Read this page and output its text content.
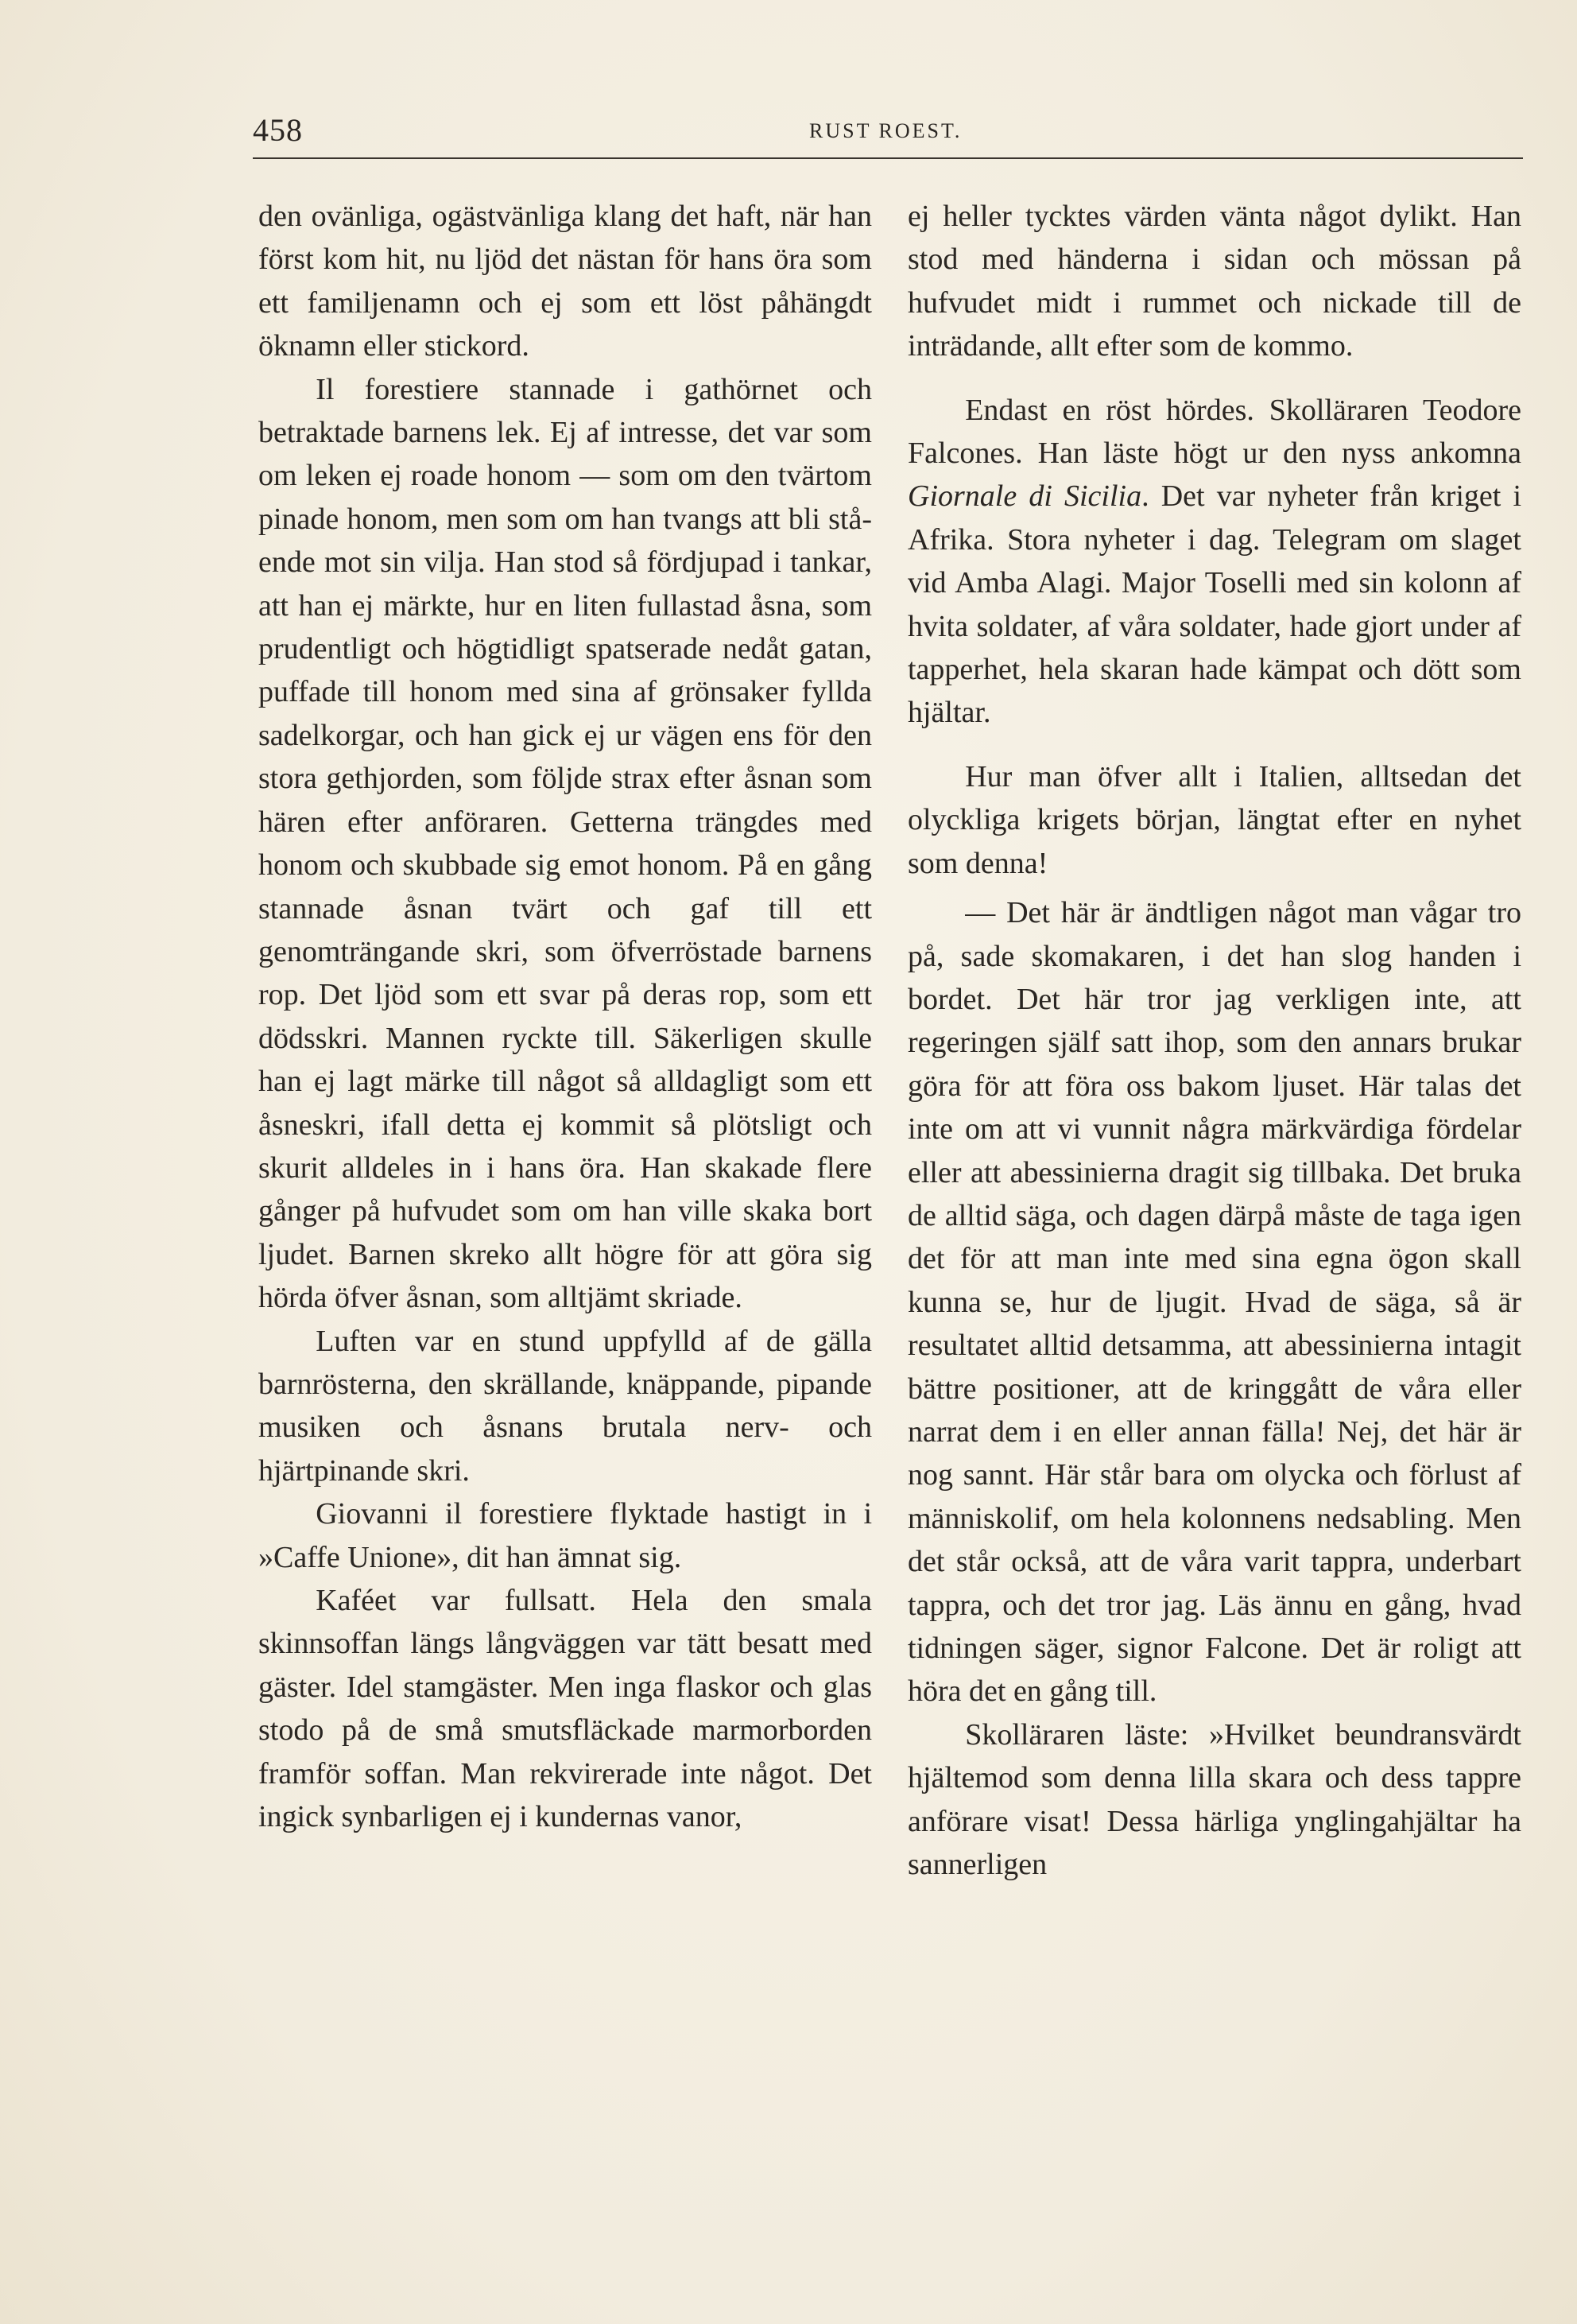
458	RUST ROEST.

den ovänliga, ogästvänliga klang det haft, när han först kom hit, nu ljöd det nästan för hans öra som ett familjenamn och ej som ett löst påhängdt öknamn eller stickord.

Il forestiere stannade i gathörnet och betraktade barnens lek. Ej af intresse, det var som om leken ej roade honom — som om den tvärtom pinade honom, men som om han tvangs att bli stående mot sin vilja. Han stod så fördjupad i tankar, att han ej märkte, hur en liten fullastad åsna, som prudentligt och högtidligt spatserade nedåt gatan, puffade till honom med sina af grönsaker fyllda sadelkorgar, och han gick ej ur vägen ens för den stora gethjorden, som följde strax efter åsnan som hären efter anföraren. Getterna trängdes med honom och skubbade sig emot honom. På en gång stannade åsnan tvärt och gaf till ett genomträngande skri, som öfverröstade barnens rop. Det ljöd som ett svar på deras rop, som ett dödsskri. Mannen ryckte till. Säkerligen skulle han ej lagt märke till något så alldagligt som ett åsneskri, ifall detta ej kommit så plötsligt och skurit alldeles in i hans öra. Han skakade flere gånger på hufvudet som om han ville skaka bort ljudet. Barnen skreko allt högre för att göra sig hörda öfver åsnan, som alltjämt skriade.

Luften var en stund uppfylld af de gälla barnrösterna, den skrällande, knäppande, pipande musiken och åsnans brutala nerv- och hjärtpinande skri.

Giovanni il forestiere flyktade hastigt in i »Caffe Unione», dit han ämnat sig.

Kaféet var fullsatt. Hela den smala skinnsoffan längs långväggen var tätt besatt med gäster. Idel stamgäster. Men inga flaskor och glas stodo på de små smutsfläckade marmorborden framför soffan. Man rekvirerade inte något. Det ingick synbarligen ej i kundernas vanor,

ej heller tycktes värden vänta något dylikt. Han stod med händerna i sidan och mössan på hufvudet midt i rummet och nickade till de inträdande, allt efter som de kommo.

Endast en röst hördes. Skolläraren Teodore Falcones. Han läste högt ur den nyss ankomna Giornale di Sicilia. Det var nyheter från kriget i Afrika. Stora nyheter i dag. Telegram om slaget vid Amba Alagi. Major Toselli med sin kolonn af hvita soldater, af våra soldater, hade gjort under af tapperhet, hela skaran hade kämpat och dött som hjältar.

Hur man öfver allt i Italien, alltsedan det olyckliga krigets början, längtat efter en nyhet som denna!

— Det här är ändtligen något man vågar tro på, sade skomakaren, i det han slog handen i bordet. Det här tror jag verkligen inte, att regeringen själf satt ihop, som den annars brukar göra för att föra oss bakom ljuset. Här talas det inte om att vi vunnit några märkvärdiga fördelar eller att abessinierna dragit sig tillbaka. Det bruka de alltid säga, och dagen därpå måste de taga igen det för att man inte med sina egna ögon skall kunna se, hur de ljugit. Hvad de säga, så är resultatet alltid detsamma, att abessinierna intagit bättre positioner, att de kringgått de våra eller narrat dem i en eller annan fälla! Nej, det här är nog sannt. Här står bara om olycka och förlust af människolif, om hela kolonnens nedsabling. Men det står också, att de våra varit tappra, underbart tappra, och det tror jag. Läs ännu en gång, hvad tidningen säger, signor Falcone. Det är roligt att höra det en gång till.

Skolläraren läste: »Hvilket beundransvärdt hjältemod som denna lilla skara och dess tappre anförare visat! Dessa härliga ynglingahjältar ha sannerligen
